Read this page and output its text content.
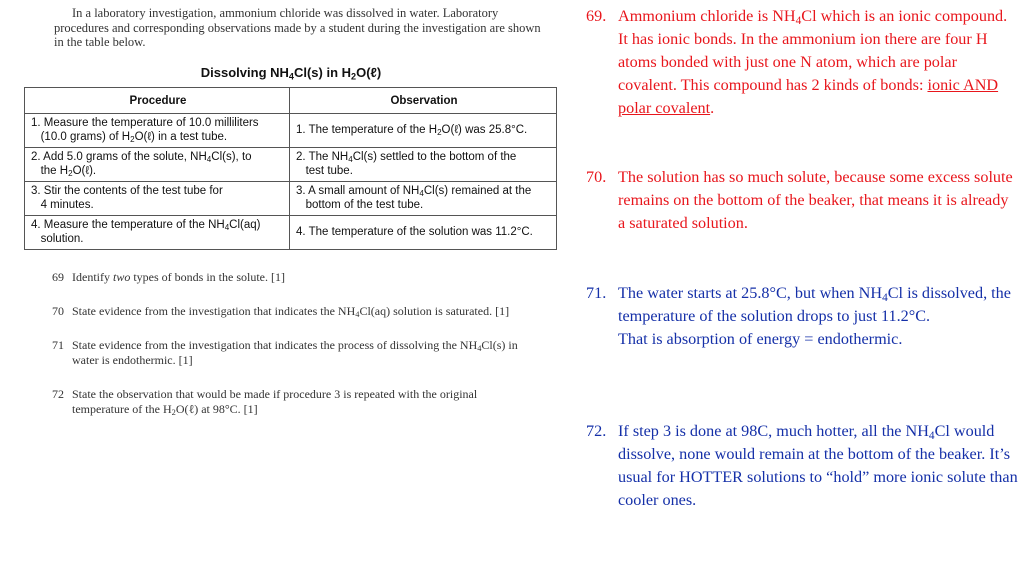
In a laboratory investigation, ammonium chloride was dissolved in water. Laboratory procedures and corresponding observations made by a student during the investigation are shown in the table below.

Dissolving $NH_4Cl(s)$ in $H_2O(\ell)$
Procedure	Observation
1. Measure the temperature of 10.0 milliliters
(10.0 grams) of $H_2O(\ell)$ in a test tube.	1. The temperature of the $H_2O(\ell)$ was 25.8°C.
2. Add 5.0 grams of the solute, $NH_4Cl(s)$, to
the $H_2O(\ell)$.	2. The $NH_4Cl(s)$ settled to the bottom of the
test tube.
3. Stir the contents of the test tube for
4 minutes.	3. A small amount of $NH_4Cl(s)$ remained at the
bottom of the test tube.
4. Measure the temperature of the $NH_4Cl(aq)$
solution.	4. The temperature of the solution was 11.2°C.
69 Identify two types of bonds in the solute. [1]
70 State evidence from the investigation that indicates the $NH_4Cl(aq)$ solution is saturated. [1]
71 State evidence from the investigation that indicates the process of dissolving the $NH_4Cl(s)$ in water is endothermic. [1]
72 State the observation that would be made if procedure 3 is repeated with the original temperature of the $H_2O(\ell)$ at 98°C. [1]
69. Ammonium chloride is $NH_4Cl$ which is an ionic compound. It has ionic bonds. In the ammonium ion there are four H atoms bonded with just one N atom, which are polar covalent. This compound has 2 kinds of bonds: ionic AND polar covalent.
70. The solution has so much solute, because some excess solute remains on the bottom of the beaker, that means it is already a saturated solution.
71. The water starts at 25.8°C, but when $NH_4Cl$ is dissolved, the temperature of the solution drops to just 11.2°C.
That is absorption of energy = endothermic.
72. If step 3 is done at 98C, much hotter, all the $NH_4Cl$ would dissolve, none would remain at the bottom of the beaker. It’s usual for HOTTER solutions to “hold” more ionic solute than cooler ones.
